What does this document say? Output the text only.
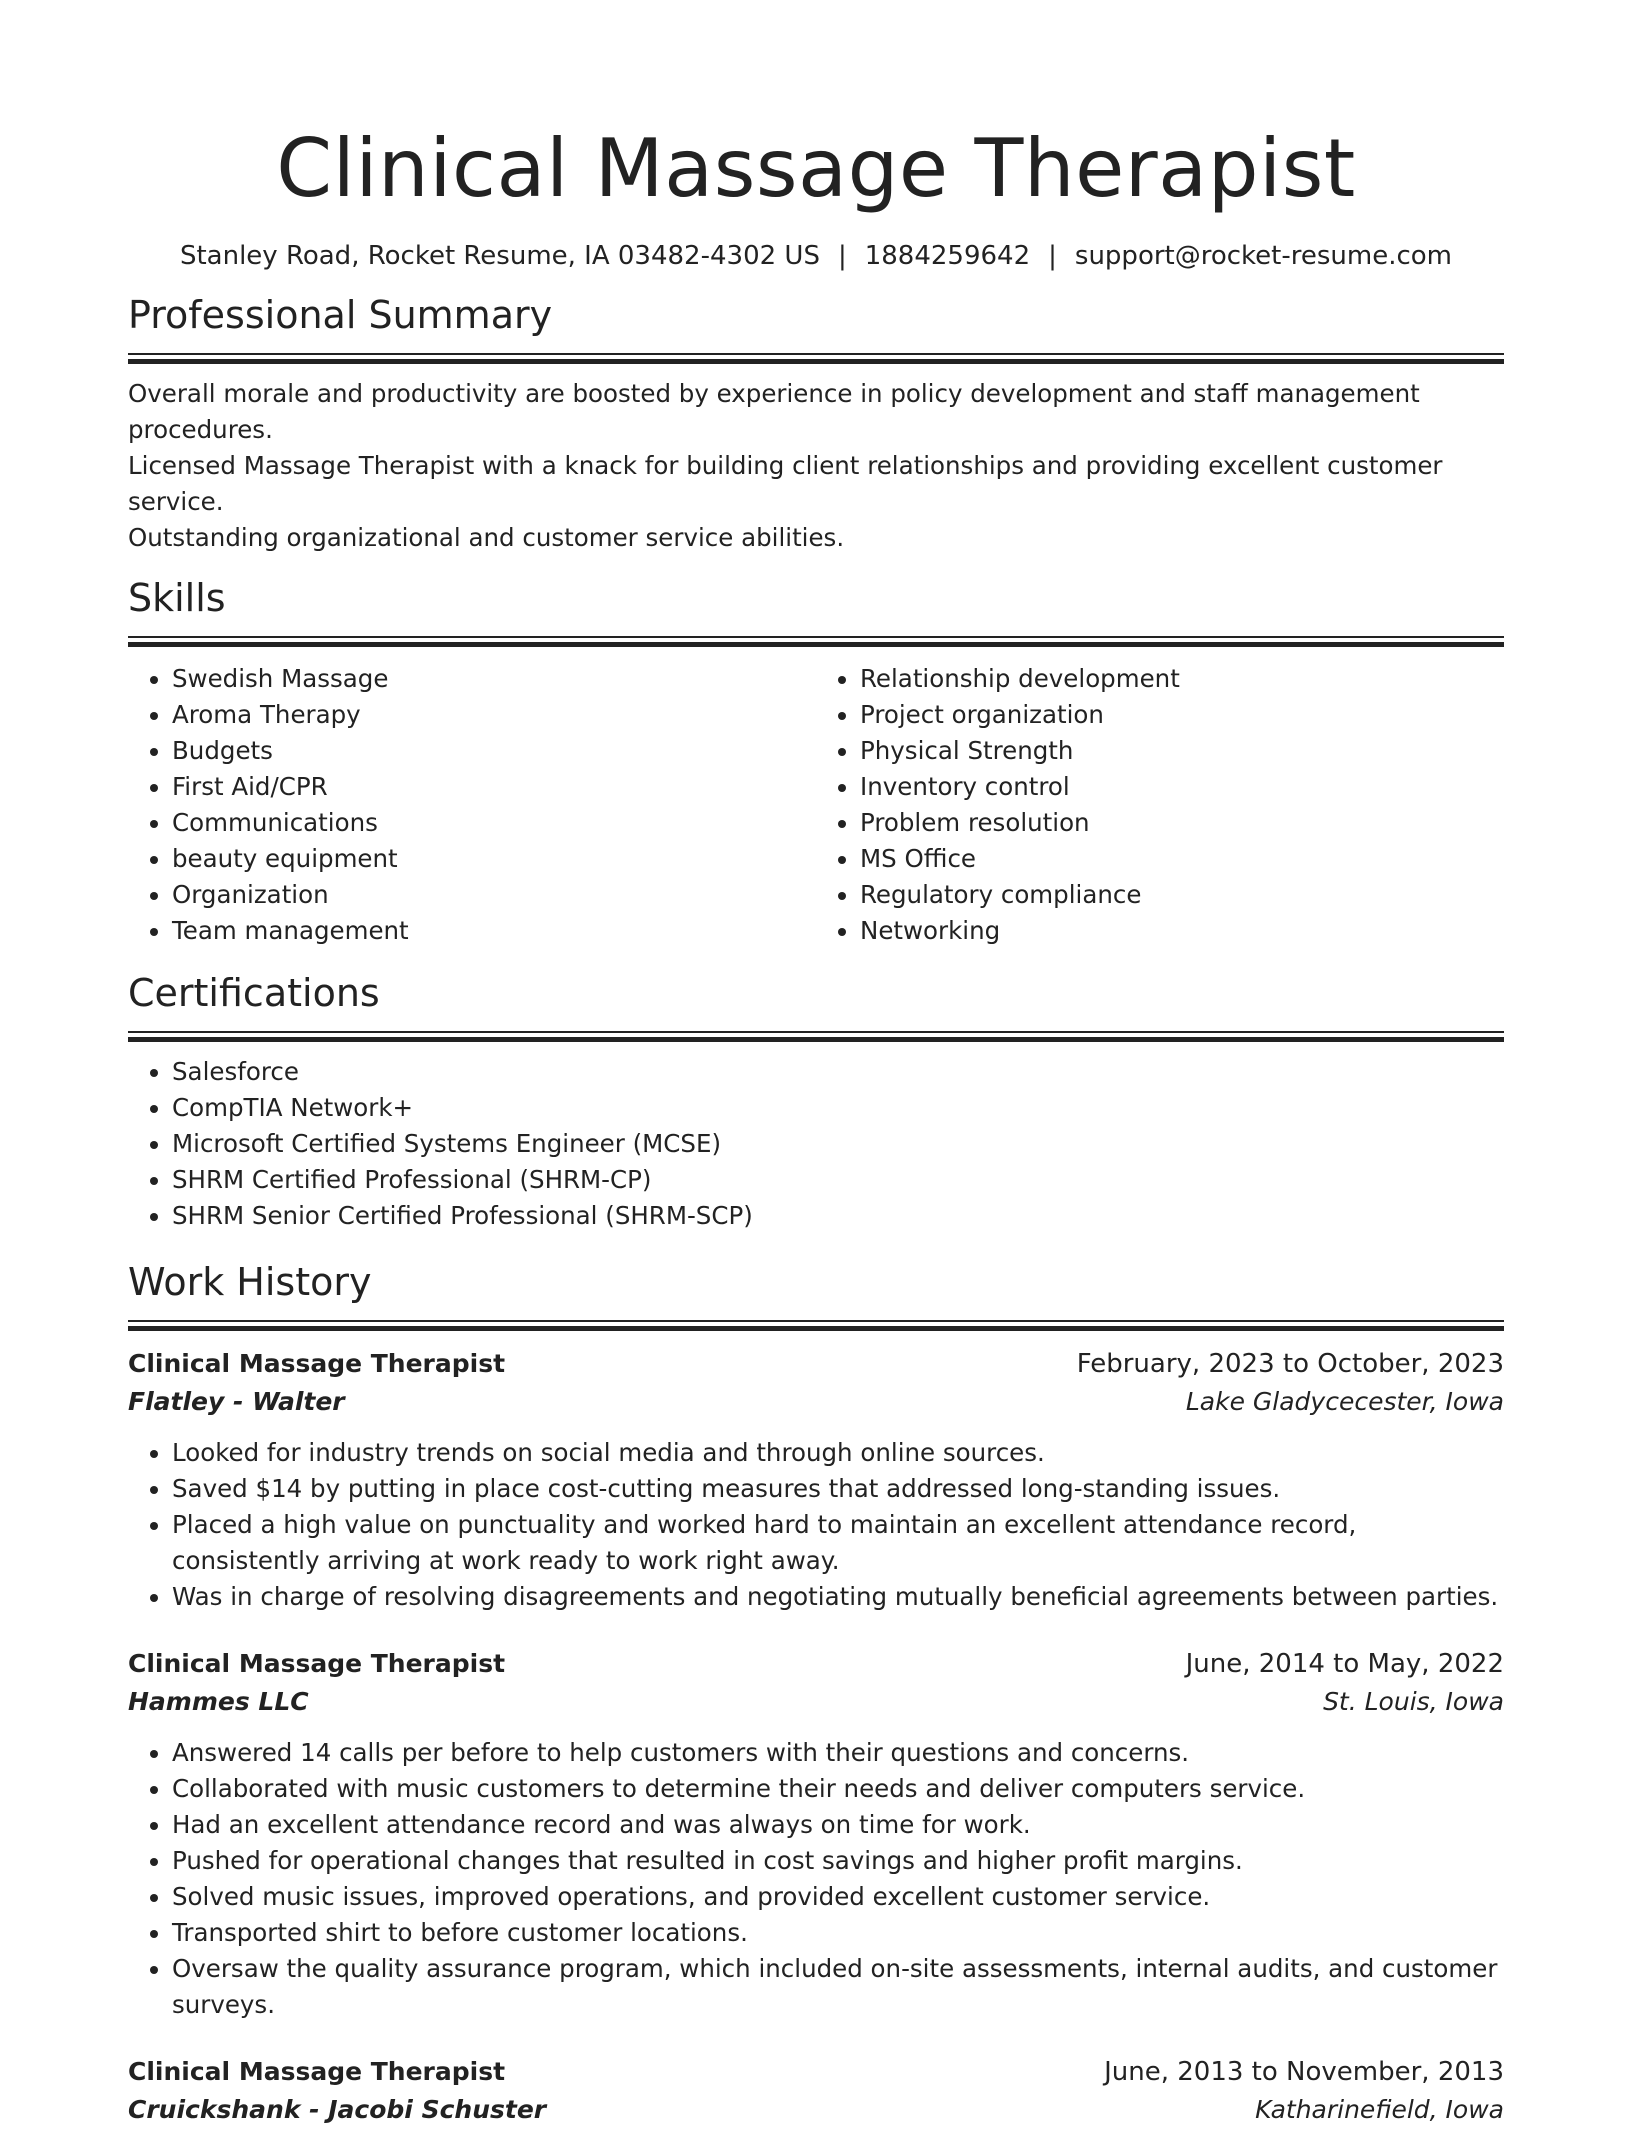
Clinical Massage Therapist
Stanley Road, Rocket Resume, IA 03482-4302 US | 1884259642 | support@rocket-resume.com
Professional Summary
Overall morale and productivity are boosted by experience in policy development and staff management procedures.
Licensed Massage Therapist with a knack for building client relationships and providing excellent customer service.
Outstanding organizational and customer service abilities.
Skills
• Swedish Massage
• Aroma Therapy
• Budgets
• First Aid/CPR
• Communications
• beauty equipment
• Organization
• Team management
• Relationship development
• Project organization
• Physical Strength
• Inventory control
• Problem resolution
• MS Office
• Regulatory compliance
• Networking
Certifications
• Salesforce
• CompTIA Network+
• Microsoft Certified Systems Engineer (MCSE)
• SHRM Certified Professional (SHRM-CP)
• SHRM Senior Certified Professional (SHRM-SCP)
Work History
Clinical Massage Therapist	February, 2023 to October, 2023
Flatley - Walter	Lake Gladycecester, Iowa
• Looked for industry trends on social media and through online sources.
• Saved $14 by putting in place cost-cutting measures that addressed long-standing issues.
• Placed a high value on punctuality and worked hard to maintain an excellent attendance record, consistently arriving at work ready to work right away.
• Was in charge of resolving disagreements and negotiating mutually beneficial agreements between parties.
Clinical Massage Therapist	June, 2014 to May, 2022
Hammes LLC	St. Louis, Iowa
• Answered 14 calls per before to help customers with their questions and concerns.
• Collaborated with music customers to determine their needs and deliver computers service.
• Had an excellent attendance record and was always on time for work.
• Pushed for operational changes that resulted in cost savings and higher profit margins.
• Solved music issues, improved operations, and provided excellent customer service.
• Transported shirt to before customer locations.
• Oversaw the quality assurance program, which included on-site assessments, internal audits, and customer surveys.
Clinical Massage Therapist	June, 2013 to November, 2013
Cruickshank - Jacobi Schuster	Katharinefield, Iowa
